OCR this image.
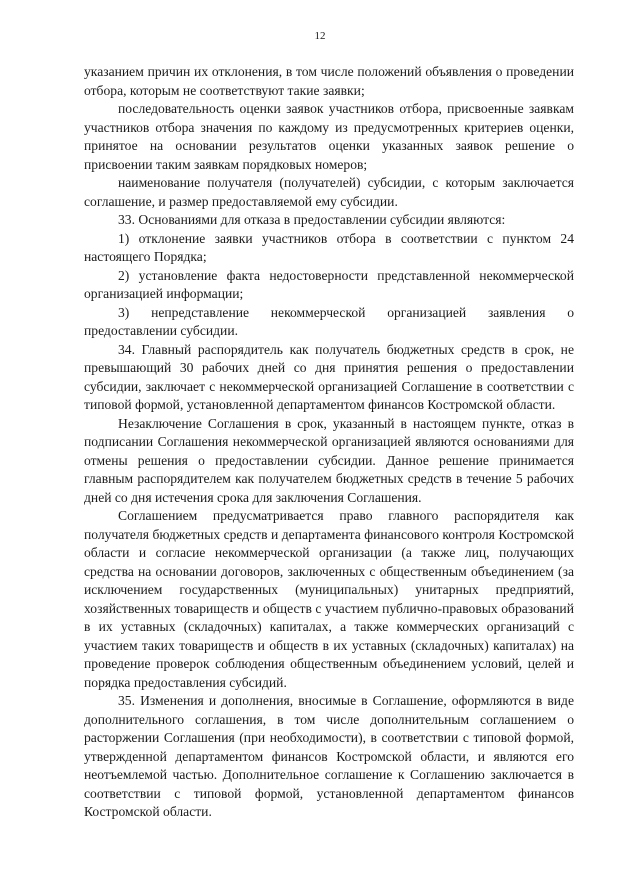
12

указанием причин их отклонения, в том числе положений объявления о проведении отбора, которым не соответствуют такие заявки;

последовательность оценки заявок участников отбора, присвоенные заявкам участников отбора значения по каждому из предусмотренных критериев оценки, принятое на основании результатов оценки указанных заявок решение о присвоении таким заявкам порядковых номеров;

наименование получателя (получателей) субсидии, с которым заключается соглашение, и размер предоставляемой ему субсидии.

33. Основаниями для отказа в предоставлении субсидии являются:

1) отклонение заявки участников отбора в соответствии с пунктом 24 настоящего Порядка;

2) установление факта недостоверности представленной некоммерческой организацией информации;

3) непредставление некоммерческой организацией заявления о предоставлении субсидии.

34. Главный распорядитель как получатель бюджетных средств в срок, не превышающий 30 рабочих дней со дня принятия решения о предоставлении субсидии, заключает с некоммерческой организацией Соглашение в соответствии с типовой формой, установленной департаментом финансов Костромской области.

Незаключение Соглашения в срок, указанный в настоящем пункте, отказ в подписании Соглашения некоммерческой организацией являются основаниями для отмены решения о предоставлении субсидии. Данное решение принимается главным распорядителем как получателем бюджетных средств в течение 5 рабочих дней со дня истечения срока для заключения Соглашения.

Соглашением предусматривается право главного распорядителя как получателя бюджетных средств и департамента финансового контроля Костромской области и согласие некоммерческой организации (а также лиц, получающих средства на основании договоров, заключенных с общественным объединением (за исключением государственных (муниципальных) унитарных предприятий, хозяйственных товариществ и обществ с участием публично-правовых образований в их уставных (складочных) капиталах, а также коммерческих организаций с участием таких товариществ и обществ в их уставных (складочных) капиталах) на проведение проверок соблюдения общественным объединением условий, целей и порядка предоставления субсидий.

35. Изменения и дополнения, вносимые в Соглашение, оформляются в виде дополнительного соглашения, в том числе дополнительным соглашением о расторжении Соглашения (при необходимости), в соответствии с типовой формой, утвержденной департаментом финансов Костромской области, и являются его неотъемлемой частью. Дополнительное соглашение к Соглашению заключается в соответствии с типовой формой, установленной департаментом финансов Костромской области.
